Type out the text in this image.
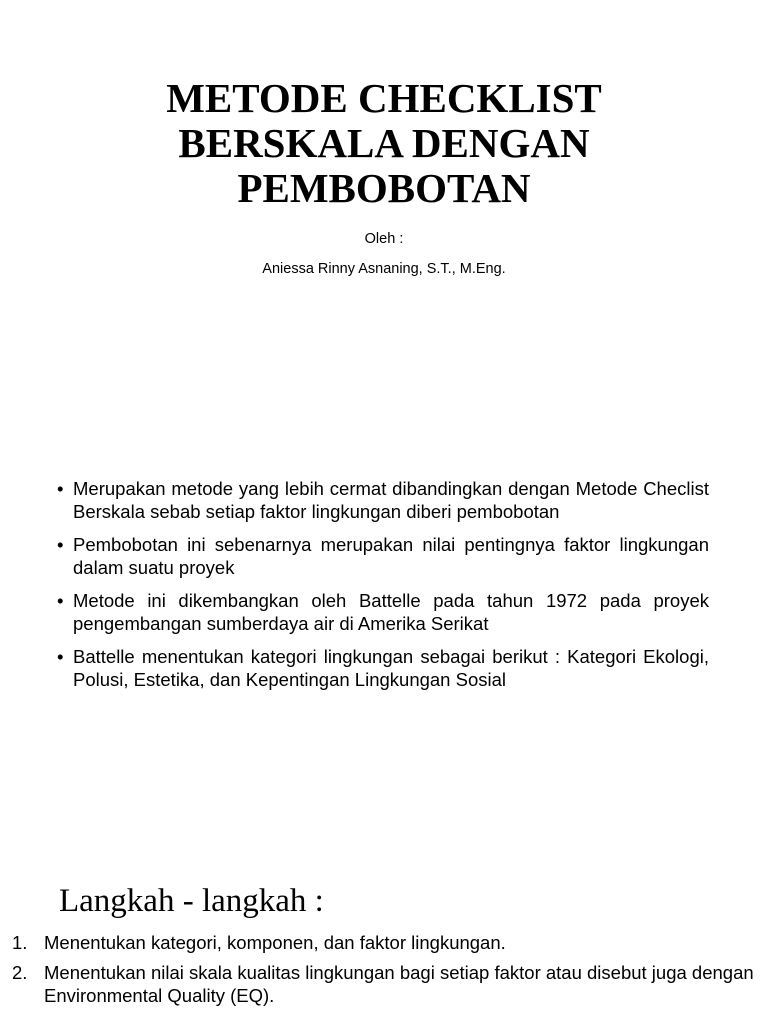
METODE CHECKLIST
BERSKALA DENGAN
PEMBOBOTAN
Oleh :
Aniessa Rinny Asnaning, S.T., M.Eng.
• Merupakan metode yang lebih cermat dibandingkan dengan Metode Checlist Berskala sebab setiap faktor lingkungan diberi pembobotan
• Pembobotan ini sebenarnya merupakan nilai pentingnya faktor lingkungan dalam suatu proyek
• Metode ini dikembangkan oleh Battelle pada tahun 1972 pada proyek pengembangan sumberdaya air di Amerika Serikat
• Battelle menentukan kategori lingkungan sebagai berikut : Kategori Ekologi, Polusi, Estetika, dan Kepentingan Lingkungan Sosial
Langkah - langkah :
1. Menentukan kategori, komponen, dan faktor lingkungan.
2. Menentukan nilai skala kualitas lingkungan bagi setiap faktor atau disebut juga dengan Environmental Quality (EQ).
